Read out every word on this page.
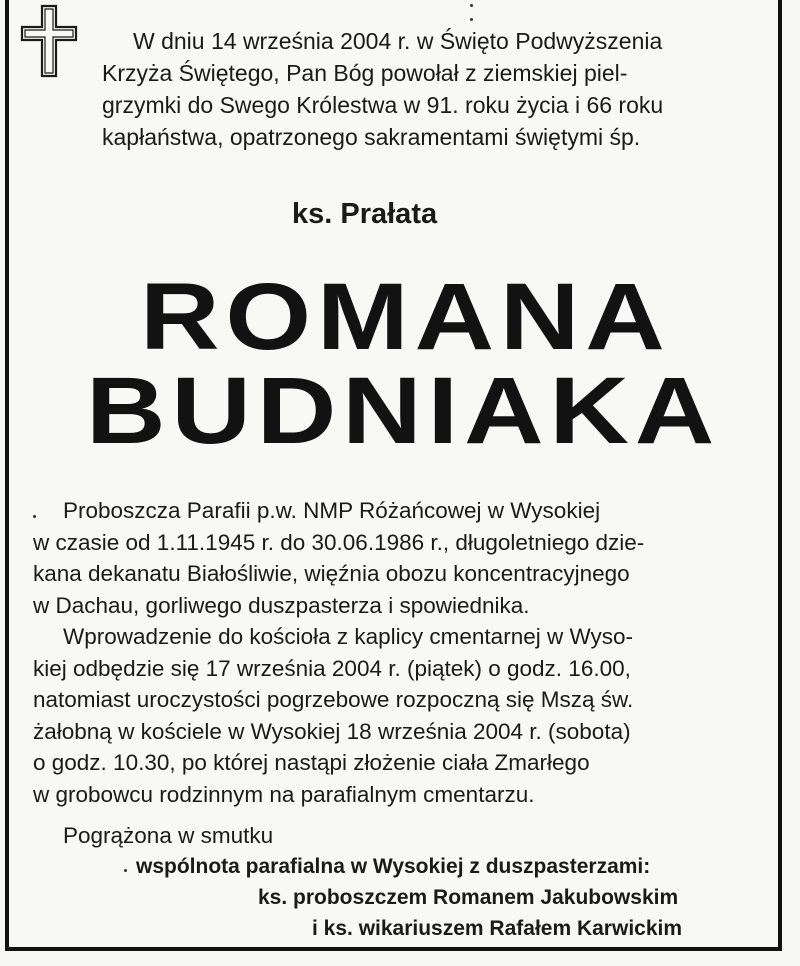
W dniu 14 września 2004 r. w Święto Podwyższenia
Krzyża Świętego, Pan Bóg powołał z ziemskiej piel-
grzymki do Swego Królestwa w 91. roku życia i 66 roku
kapłaństwa, opatrzonego sakramentami świętymi śp.
ks. Prałata
ROMANA
BUDNIAKA
Proboszcza Parafii p.w. NMP Różańcowej w Wysokiej
w czasie od 1.11.1945 r. do 30.06.1986 r., długoletniego dzie-
kana dekanatu Białośliwie, więźnia obozu koncentracyjnego
w Dachau, gorliwego duszpasterza i spowiednika.
Wprowadzenie do kościoła z kaplicy cmentarnej w Wyso-
kiej odbędzie się 17 września 2004 r. (piątek) o godz. 16.00,
natomiast uroczystości pogrzebowe rozpoczną się Mszą św.
żałobną w kościele w Wysokiej 18 września 2004 r. (sobota)
o godz. 10.30, po której nastąpi złożenie ciała Zmarłego
w grobowcu rodzinnym na parafialnym cmentarzu.
Pogrążona w smutku
wspólnota parafialna w Wysokiej z duszpasterzami:
ks. proboszczem Romanem Jakubowskim
i ks. wikariuszem Rafałem Karwickim
